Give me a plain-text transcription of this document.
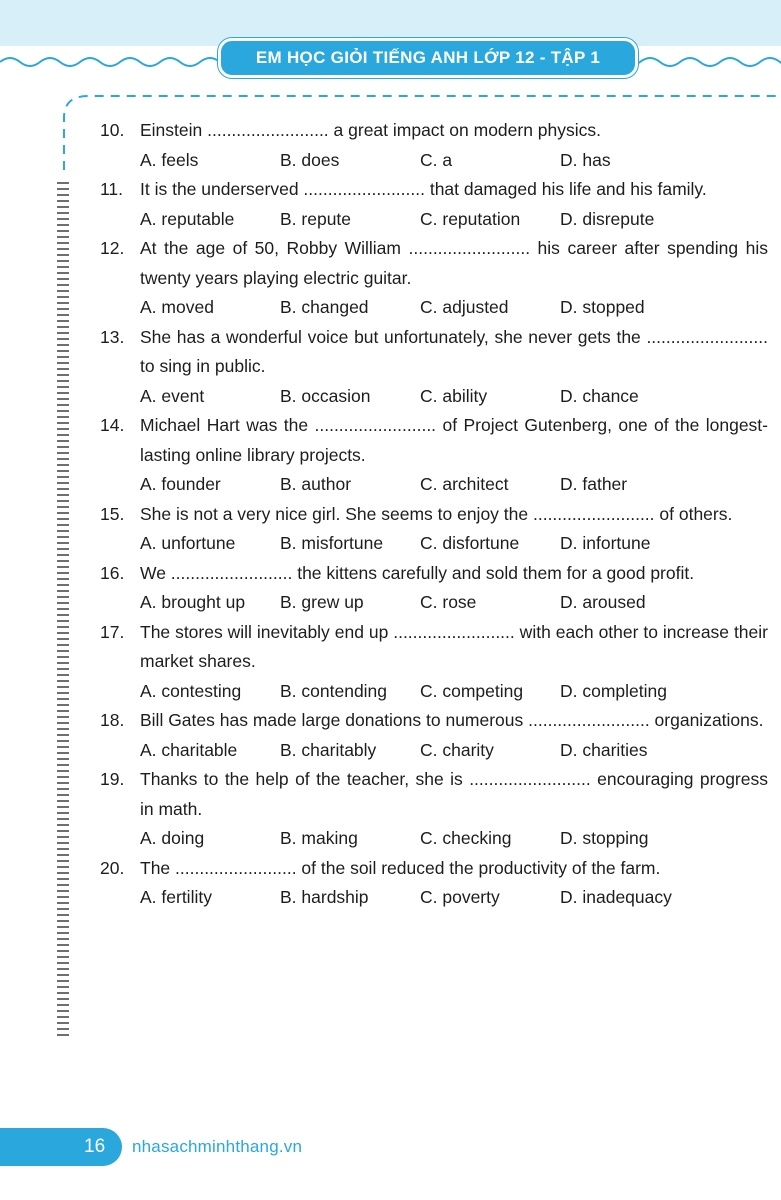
EM HỌC GIỎI TIẾNG ANH LỚP 12 - TẬP 1
10. Einstein ......................... a great impact on modern physics.
A. feels	B. does	C. a	D. has
11. It is the underserved ......................... that damaged his life and his family.
A. reputable	B. repute	C. reputation	D. disrepute
12. At the age of 50, Robby William ......................... his career after spending his twenty years playing electric guitar.
A. moved	B. changed	C. adjusted	D. stopped
13. She has a wonderful voice but unfortunately, she never gets the ......................... to sing in public.
A. event	B. occasion	C. ability	D. chance
14. Michael Hart was the ......................... of Project Gutenberg, one of the longest-lasting online library projects.
A. founder	B. author	C. architect	D. father
15. She is not a very nice girl. She seems to enjoy the ......................... of others.
A. unfortune	B. misfortune	C. disfortune	D. infortune
16. We ......................... the kittens carefully and sold them for a good profit.
A. brought up	B. grew up	C. rose	D. aroused
17. The stores will inevitably end up ......................... with each other to increase their market shares.
A. contesting	B. contending	C. competing	D. completing
18. Bill Gates has made large donations to numerous ......................... organizations.
A. charitable	B. charitably	C. charity	D. charities
19. Thanks to the help of the teacher, she is ......................... encouraging progress in math.
A. doing	B. making	C. checking	D. stopping
20. The ......................... of the soil reduced the productivity of the farm.
A. fertility	B. hardship	C. poverty	D. inadequacy
16 nhasachminhthang.vn
